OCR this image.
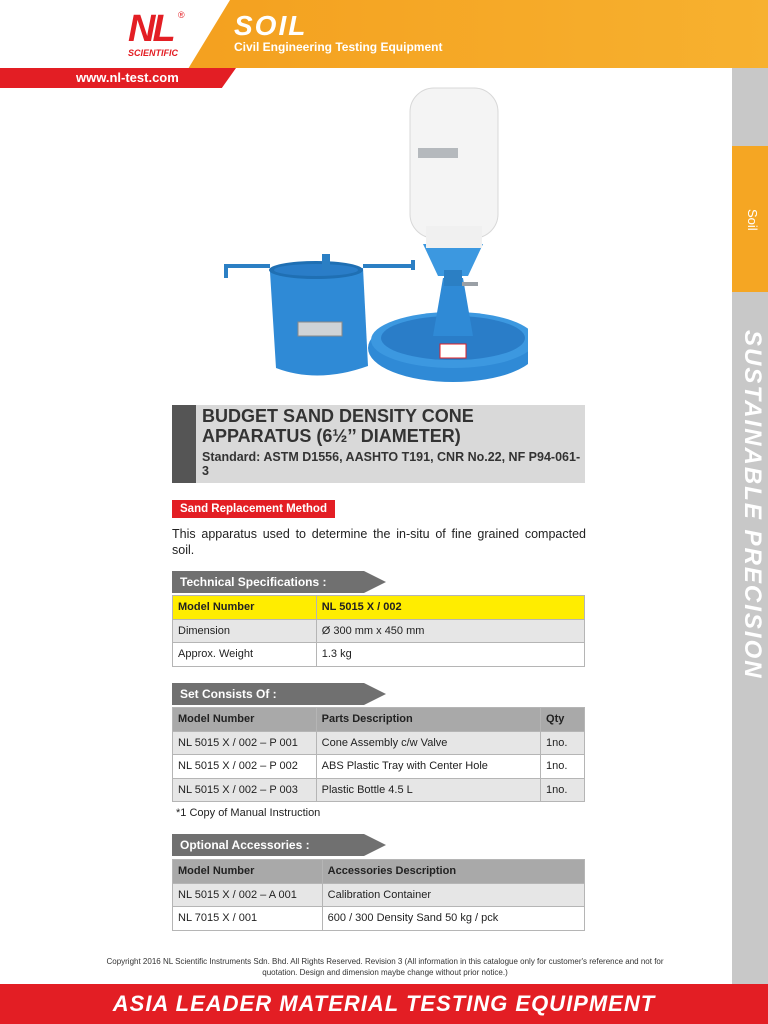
NL ®
SCIENTIFIC
SOIL
Civil Engineering Testing Equipment
www.nl-test.com
Soil
SUSTAINABLE PRECISION
BUDGET SAND DENSITY CONE APPARATUS (6½’’ DIAMETER)
Standard: ASTM D1556, AASHTO T191, CNR No.22, NF P94-061-3
Sand Replacement Method
This apparatus used to determine the in-situ of fine grained compacted soil.
Technical Specifications :
Model Number	NL 5015 X / 002
Dimension	Ø 300 mm x 450 mm
Approx. Weight	1.3 kg
Set Consists Of :
Model Number	Parts Description	Qty
NL 5015 X / 002 – P 001	Cone Assembly c/w Valve	1no.
NL 5015 X / 002 – P 002	ABS Plastic Tray with Center Hole	1no.
NL 5015 X / 002 – P 003	Plastic Bottle 4.5 L	1no.
*1 Copy of Manual Instruction
Optional Accessories :
Model Number	Accessories Description
NL 5015 X / 002 – A 001	Calibration Container
NL 7015 X / 001	600 / 300 Density Sand 50 kg / pck
Copyright 2016 NL Scientific Instruments Sdn. Bhd. All Rights Reserved. Revision 3 (All information in this catalogue only for customer's reference and not for quotation. Design and dimension maybe change without prior notice.)
ASIA LEADER MATERIAL TESTING EQUIPMENT
